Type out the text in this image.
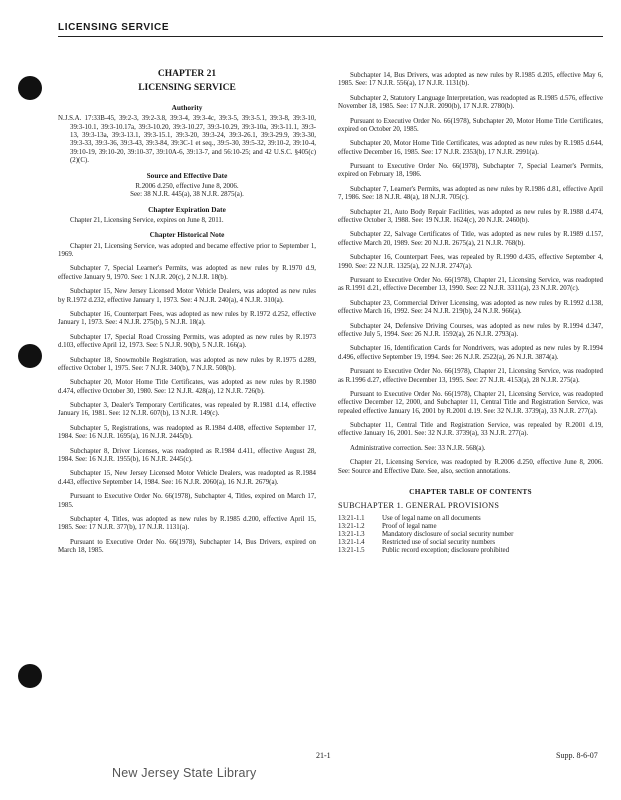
LICENSING SERVICE
CHAPTER 21
LICENSING SERVICE
Authority
N.J.S.A. 17:33B-45, 39:2-3, 39:2-3.8, 39:3-4, 39:3-4c, 39:3-5, 39:3-5.1, 39:3-8, 39:3-10, 39:3-10.1, 39:3-10.17a, 39:3-10.20, 39:3-10.27, 39:3-10.29, 39:3-10a, 39:3-11.1, 39:3-13, 39:3-13a, 39:3-13.1, 39:3-15.1, 39:3-20, 39:3-24, 39:3-26.1, 39:3-29.9, 39:3-30, 39:3-33, 39:3-36, 39:3-43, 39:3-84, 39:3C-1 et seq., 39:5-30, 39:5-32, 39:10-2, 39:10-4, 39:10-19, 39:10-20, 39:10-37, 39:10A-6, 39:13-7, and 56:10-25; and 42 U.S.C. §405(c)(2)(C).
Source and Effective Date
R.2006 d.250, effective June 8, 2006.
See: 38 N.J.R. 445(a), 38 N.J.R. 2875(a).
Chapter Expiration Date
Chapter 21, Licensing Service, expires on June 8, 2011.
Chapter Historical Note
Chapter 21, Licensing Service, was adopted and became effective prior to September 1, 1969.
Subchapter 7, Special Learner's Permits, was adopted as new rules by R.1970 d.9, effective January 9, 1970. See: 1 N.J.R. 20(c), 2 N.J.R. 18(b).
Subchapter 15, New Jersey Licensed Motor Vehicle Dealers, was adopted as new rules by R.1972 d.232, effective January 1, 1973. See: 4 N.J.R. 240(a), 4 N.J.R. 310(a).
Subchapter 16, Counterpart Fees, was adopted as new rules by R.1972 d.252, effective January 1, 1973. See: 4 N.J.R. 275(b), 5 N.J.R. 18(a).
Subchapter 17, Special Road Crossing Permits, was adopted as new rules by R.1973 d.103, effective April 12, 1973. See: 5 N.J.R. 90(b), 5 N.J.R. 166(a).
Subchapter 18, Snowmobile Registration, was adopted as new rules by R.1975 d.289, effective October 1, 1975. See: 7 N.J.R. 340(b), 7 N.J.R. 508(b).
Subchapter 20, Motor Home Title Certificates, was adopted as new rules by R.1980 d.474, effective October 30, 1980. See: 12 N.J.R. 428(a), 12 N.J.R. 726(b).
Subchapter 3, Dealer's Temporary Certificates, was repealed by R.1981 d.14, effective January 16, 1981. See: 12 N.J.R. 607(b), 13 N.J.R. 149(c).
Subchapter 5, Registrations, was readopted as R.1984 d.408, effective September 17, 1984. See: 16 N.J.R. 1695(a), 16 N.J.R. 2445(b).
Subchapter 8, Driver Licenses, was readopted as R.1984 d.411, effective August 28, 1984. See: 16 N.J.R. 1955(b), 16 N.J.R. 2445(c).
Subchapter 15, New Jersey Licensed Motor Vehicle Dealers, was readopted as R.1984 d.443, effective September 14, 1984. See: 16 N.J.R. 2060(a), 16 N.J.R. 2679(a).
Pursuant to Executive Order No. 66(1978), Subchapter 4, Titles, expired on March 17, 1985.
Subchapter 4, Titles, was adopted as new rules by R.1985 d.200, effective April 15, 1985. See: 17 N.J.R. 377(b), 17 N.J.R. 1131(a).
Pursuant to Executive Order No. 66(1978), Subchapter 14, Bus Drivers, expired on March 18, 1985.
Subchapter 14, Bus Drivers, was adopted as new rules by R.1985 d.205, effective May 6, 1985. See: 17 N.J.R. 556(a), 17 N.J.R. 1131(b).
Subchapter 2, Statutory Language Interpretation, was readopted as R.1985 d.576, effective November 18, 1985. See: 17 N.J.R. 2090(b), 17 N.J.R. 2780(b).
Pursuant to Executive Order No. 66(1978), Subchapter 20, Motor Home Title Certificates, expired on October 20, 1985.
Subchapter 20, Motor Home Title Certificates, was adopted as new rules by R.1985 d.644, effective December 16, 1985. See: 17 N.J.R. 2353(b), 17 N.J.R. 2991(a).
Pursuant to Executive Order No. 66(1978), Subchapter 7, Special Learner's Permits, expired on February 18, 1986.
Subchapter 7, Learner's Permits, was adopted as new rules by R.1986 d.81, effective April 7, 1986. See: 18 N.J.R. 48(a), 18 N.J.R. 705(c).
Subchapter 21, Auto Body Repair Facilities, was adopted as new rules by R.1988 d.474, effective October 3, 1988. See: 19 N.J.R. 1624(c), 20 N.J.R. 2460(b).
Subchapter 22, Salvage Certificates of Title, was adopted as new rules by R.1989 d.157, effective March 20, 1989. See: 20 N.J.R. 2675(a), 21 N.J.R. 768(b).
Subchapter 16, Counterpart Fees, was repealed by R.1990 d.435, effective September 4, 1990. See: 22 N.J.R. 1325(a), 22 N.J.R. 2747(a).
Pursuant to Executive Order No. 66(1978), Chapter 21, Licensing Service, was readopted as R.1991 d.21, effective December 13, 1990. See: 22 N.J.R. 3311(a), 23 N.J.R. 207(c).
Subchapter 23, Commercial Driver Licensing, was adopted as new rules by R.1992 d.138, effective March 16, 1992. See: 24 N.J.R. 219(b), 24 N.J.R. 966(a).
Subchapter 24, Defensive Driving Courses, was adopted as new rules by R.1994 d.347, effective July 5, 1994. See: 26 N.J.R. 1592(a), 26 N.J.R. 2793(a).
Subchapter 16, Identification Cards for Nondrivers, was adopted as new rules by R.1994 d.496, effective September 19, 1994. See: 26 N.J.R. 2522(a), 26 N.J.R. 3874(a).
Pursuant to Executive Order No. 66(1978), Chapter 21, Licensing Service, was readopted as R.1996 d.27, effective December 13, 1995. See: 27 N.J.R. 4153(a), 28 N.J.R. 275(a).
Pursuant to Executive Order No. 66(1978), Chapter 21, Licensing Service, was readopted effective December 12, 2000, and Subchapter 11, Central Title and Registration Service, was repealed effective January 16, 2001 by R.2001 d.19. See: 32 N.J.R. 3739(a), 33 N.J.R. 277(a).
Subchapter 11, Central Title and Registration Service, was repealed by R.2001 d.19, effective January 16, 2001. See: 32 N.J.R. 3739(a), 33 N.J.R. 277(a).
Administrative correction. See: 33 N.J.R. 568(a).
Chapter 21, Licensing Service, was readopted by R.2006 d.250, effective June 8, 2006. See: Source and Effective Date. See, also, section annotations.
CHAPTER TABLE OF CONTENTS
SUBCHAPTER 1. GENERAL PROVISIONS
13:21-1.1	Use of legal name on all documents
13:21-1.2	Proof of legal name
13:21-1.3	Mandatory disclosure of social security number
13:21-1.4	Restricted use of social security numbers
13:21-1.5	Public record exception; disclosure prohibited
New Jersey State Library
21-1	Supp. 8-6-07
